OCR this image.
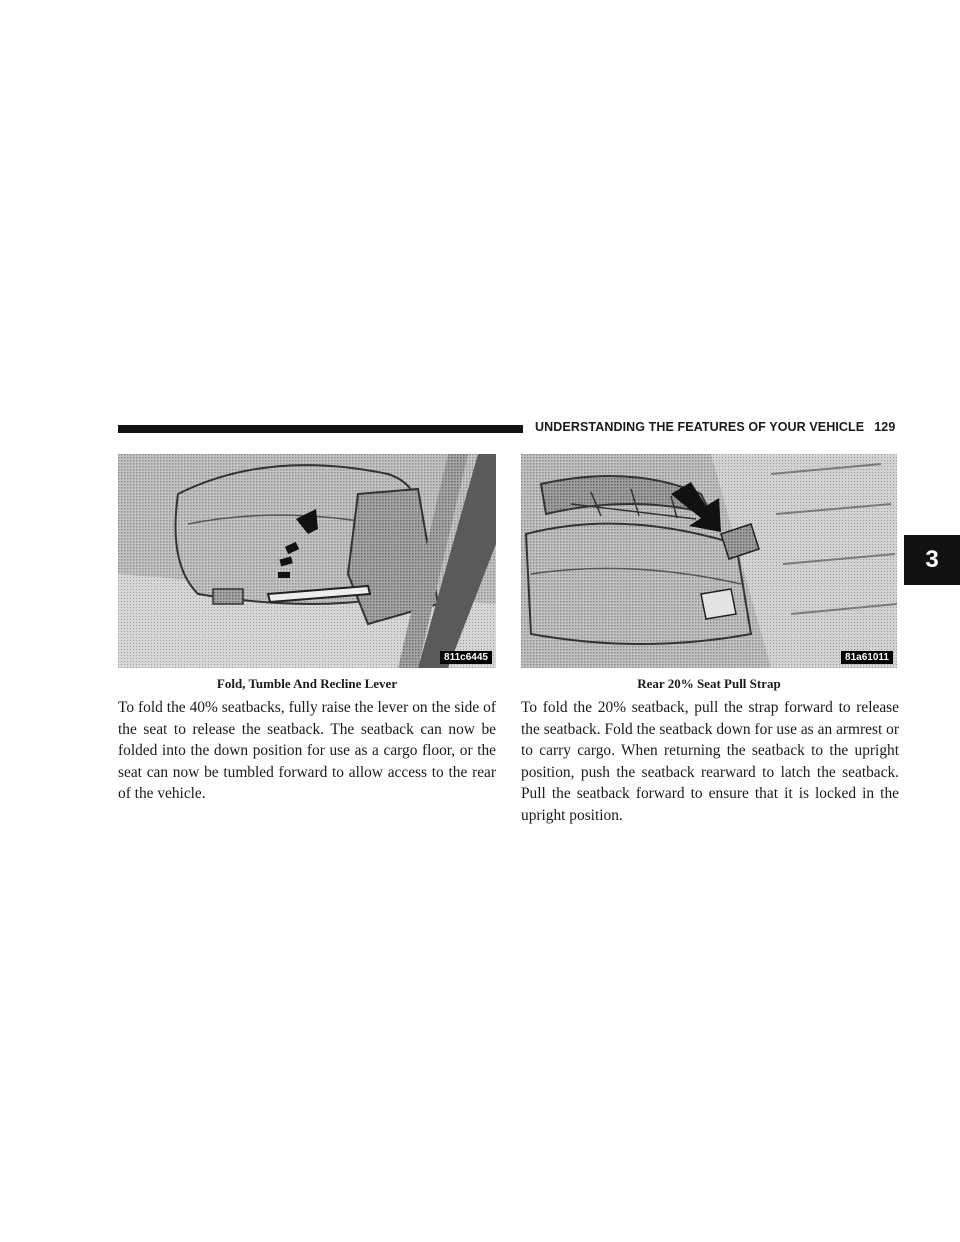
UNDERSTANDING THE FEATURES OF YOUR VEHICLE 129
3
811c6445
Fold, Tumble And Recline Lever
81a61011
Rear 20% Seat Pull Strap

To fold the 40% seatbacks, fully raise the lever on the side of the seat to release the seatback. The seatback can now be folded into the down position for use as a cargo floor, or the seat can now be tumbled forward to allow access to the rear of the vehicle.

To fold the 20% seatback, pull the strap forward to release the seatback. Fold the seatback down for use as an armrest or to carry cargo. When returning the seatback to the upright position, push the seatback rearward to latch the seatback. Pull the seatback forward to ensure that it is locked in the upright position.
